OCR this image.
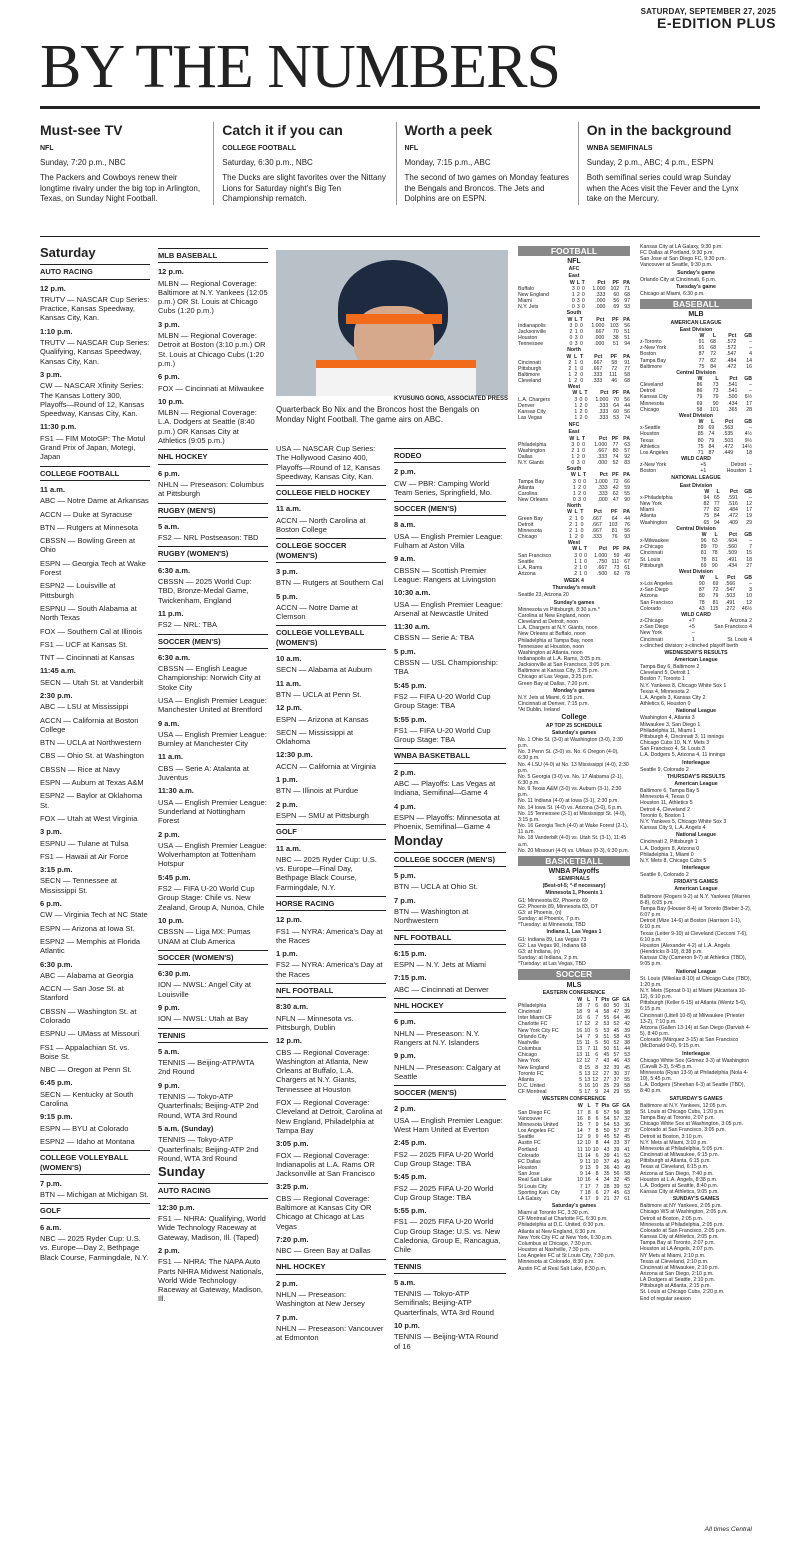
SATURDAY, SEPTEMBER 27, 2025
E-EDITION PLUS
BY THE NUMBERS
Must-see TV
NFL
Sunday, 7:20 p.m., NBC
The Packers and Cowboys renew their longtime rivalry under the big top in Arlington, Texas, on Sunday Night Football.
Catch it if you can
COLLEGE FOOTBALL
Saturday, 6:30 p.m., NBC
The Ducks are slight favorites over the Nittany Lions for Saturday night's Big Ten Championship rematch.
Worth a peek
NFL
Monday, 7:15 p.m., ABC
The second of two games on Monday features the Bengals and Broncos. The Jets and Dolphins are on ESPN.
On in the background
WNBA SEMIFINALS
Sunday, 2 p.m., ABC; 4 p.m., ESPN
Both semifinal series could wrap Sunday when the Aces visit the Fever and the Lynx take on the Mercury.
Saturday
AUTO RACING
12 p.m.
TRUTV — NASCAR Cup Series: Practice, Kansas Speedway, Kansas City, Kan.
1:10 p.m.
TRUTV — NASCAR Cup Series: Qualifying, Kansas Speedway, Kansas City, Kan.
3 p.m.
CW — NASCAR Xfinity Series: The Kansas Lottery 300, Playoffs—Round of 12, Kansas Speedway, Kansas City, Kan.
11:30 p.m.
FS1 — FIM MotoGP: The Motul Grand Prix of Japan, Motegi, Japan
COLLEGE FOOTBALL
11 a.m.
ABC — Notre Dame at Arkansas
ACCN — Duke at Syracuse
BTN — Rutgers at Minnesota
CBSSN — Bowling Green at Ohio
ESPN — Georgia Tech at Wake Forest
ESPN2 — Louisville at Pittsburgh
ESPNU — South Alabama at North Texas
FOX — Southern Cal at Illinois
FS1 — UCF at Kansas St.
TNT — Cincinnati at Kansas
11:45 a.m.
SECN — Utah St. at Vanderbilt
2:30 p.m.
ABC — LSU at Mississippi
ACCN — California at Boston College
BTN — UCLA at Northwestern
CBS — Ohio St. at Washington
CBSSN — Rice at Navy
ESPN — Auburn at Texas A&M
ESPN2 — Baylor at Oklahoma St.
FOX — Utah at West Virginia
3 p.m.
ESPNU — Tulane at Tulsa
FS1 — Hawaii at Air Force
3:15 p.m.
SECN — Tennessee at Mississippi St.
6 p.m.
CW — Virginia Tech at NC State
ESPN — Arizona at Iowa St.
ESPN2 — Memphis at Florida Atlantic
6:30 p.m.
ABC — Alabama at Georgia
ACCN — San Jose St. at Stanford
CBSSN — Washington St. at Colorado
ESPNU — UMass at Missouri
FS1 — Appalachian St. vs. Boise St.
NBC — Oregon at Penn St.
6:45 p.m.
SECN — Kentucky at South Carolina
9:15 p.m.
ESPN — BYU at Colorado
ESPN2 — Idaho at Montana
COLLEGE VOLLEYBALL (WOMEN'S)
7 p.m.
BTN — Michigan at Michigan St.
GOLF
6 a.m.
NBC — 2025 Ryder Cup: U.S. vs. Europe—Day 2, Bethpage Black Course, Farmingdale, N.Y.
MLB BASEBALL
12 p.m.
MLBN — Regional Coverage: Baltimore at N.Y. Yankees (12:05 p.m.) OR St. Louis at Chicago Cubs (1:20 p.m.)
3 p.m.
MLBN — Regional Coverage: Detroit at Boston (3:10 p.m.) OR St. Louis at Chicago Cubs (1:20 p.m.)
6 p.m.
FOX — Cincinnati at Milwaukee
10 p.m.
MLBN — Regional Coverage: L.A. Dodgers at Seattle (8:40 p.m.) OR Kansas City at Athletics (9:05 p.m.)
NHL HOCKEY
6 p.m.
NHLN — Preseason: Columbus at Pittsburgh
RUGBY (MEN'S)
5 a.m.
FS2 — NRL Postseason: TBD
RUGBY (WOMEN'S)
6:30 a.m.
CBSSN — 2025 World Cup: TBD, Bronze-Medal Game, Twickenham, England
11 p.m.
FS2 — NRL: TBA
SOCCER (MEN'S)
6:30 a.m.
CBSSN — English League Championship: Norwich City at Stoke City
USA — English Premier League: Manchester United at Brentford
9 a.m.
USA — English Premier League: Burnley at Manchester City
11 a.m.
CBS — Serie A: Atalanta at Juventus
11:30 a.m.
USA — English Premier League: Sunderland at Nottingham Forest
2 p.m.
USA — English Premier League: Wolverhampton at Tottenham Hotspur
5:45 p.m.
FS2 — FIFA U-20 World Cup Group Stage: Chile vs. New Zealand, Group A, Nunoa, Chile
10 p.m.
CBSSN — Liga MX: Pumas UNAM at Club America
SOCCER (WOMEN'S)
6:30 p.m.
ION — NWSL: Angel City at Louisville
9 p.m.
ION — NWSL: Utah at Bay
TENNIS
5 a.m.
TENNIS — Beijing-ATP/WTA 2nd Round
9 p.m.
TENNIS — Tokyo-ATP Quarterfinals; Beijing-ATP 2nd Round, WTA 3rd Round
5 a.m. (Sunday)
TENNIS — Tokyo-ATP Quarterfinals; Beijing-ATP 2nd Round, WTA 3rd Round
Sunday
AUTO RACING
12:30 p.m.
FS1 — NHRA: Qualifying, World Wide Technology Raceway at Gateway, Madison, Ill. (Taped)
2 p.m.
FS1 — NHRA: The NAPA Auto Parts NHRA Midwest Nationals, World Wide Technology Raceway at Gateway, Madison, Ill.
KYUSUNG GONG, ASSOCIATED PRESS
Quarterback Bo Nix and the Broncos host the Bengals on Monday Night Football. The game airs on ABC.
USA — NASCAR Cup Series: The Hollywood Casino 400, Playoffs—Round of 12, Kansas Speedway, Kansas City, Kan.
COLLEGE FIELD HOCKEY
11 a.m.
ACCN — North Carolina at Boston College
COLLEGE SOCCER (WOMEN'S)
3 p.m.
BTN — Rutgers at Southern Cal
5 p.m.
ACCN — Notre Dame at Clemson
COLLEGE VOLLEYBALL (WOMEN'S)
10 a.m.
SECN — Alabama at Auburn
11 a.m.
BTN — UCLA at Penn St.
12 p.m.
ESPN — Arizona at Kansas
SECN — Mississippi at Oklahoma
12:30 p.m.
ACCN — California at Virginia
1 p.m.
BTN — Illinois at Purdue
2 p.m.
ESPN — SMU at Pittsburgh
GOLF
11 a.m.
NBC — 2025 Ryder Cup: U.S. vs. Europe—Final Day, Bethpage Black Course, Farmingdale, N.Y.
HORSE RACING
12 p.m.
FS1 — NYRA: America's Day at the Races
1 p.m.
FS2 — NYRA: America's Day at the Races
NFL FOOTBALL
8:30 a.m.
NFLN — Minnesota vs. Pittsburgh, Dublin
12 p.m.
CBS — Regional Coverage: Washington at Atlanta, New Orleans at Buffalo, L.A. Chargers at N.Y. Giants, Tennessee at Houston
FOX — Regional Coverage: Cleveland at Detroit, Carolina at New England, Philadelphia at Tampa Bay
3:05 p.m.
FOX — Regional Coverage: Indianapolis at L.A. Rams OR Jacksonville at San Francisco
3:25 p.m.
CBS — Regional Coverage: Baltimore at Kansas City OR Chicago at Chicago at Las Vegas
7:20 p.m.
NBC — Green Bay at Dallas
NHL HOCKEY
2 p.m.
NHLN — Preseason: Washington at New Jersey
7 p.m.
NHLN — Preseason: Vancouver at Edmonton
RODEO
2 p.m.
CW — PBR: Camping World Team Series, Springfield, Mo.
SOCCER (MEN'S)
8 a.m.
USA — English Premier League: Fulham at Aston Villa
9 a.m.
CBSSN — Scottish Premier League: Rangers at Livingston
10:30 a.m.
USA — English Premier League: Arsenal at Newcastle United
11:30 a.m.
CBSSN — Serie A: TBA
5 p.m.
CBSSN — USL Championship: TBA
5:45 p.m.
FS2 — FIFA U-20 World Cup Group Stage: TBA
5:55 p.m.
FS1 — FIFA U-20 World Cup Group Stage: TBA
WNBA BASKETBALL
2 p.m.
ABC — Playoffs: Las Vegas at Indiana, Semifinal—Game 4
4 p.m.
ESPN — Playoffs: Minnesota at Phoenix, Semifinal—Game 4
Monday
COLLEGE SOCCER (MEN'S)
5 p.m.
BTN — UCLA at Ohio St.
7 p.m.
BTN — Washington at Northwestern
NFL FOOTBALL
6:15 p.m.
ESPN — N.Y. Jets at Miami
7:15 p.m.
ABC — Cincinnati at Denver
NHL HOCKEY
6 p.m.
NHLN — Preseason: N.Y. Rangers at N.Y. Islanders
9 p.m.
NHLN — Preseason: Calgary at Seattle
SOCCER (MEN'S)
2 p.m.
USA — English Premier League: West Ham United at Everton
2:45 p.m.
FS2 — 2025 FIFA U-20 World Cup Group Stage: TBA
5:45 p.m.
FS2 — 2025 FIFA U-20 World Cup Group Stage: TBA
5:55 p.m.
FS1 — 2025 FIFA U-20 World Cup Group Stage: U.S. vs. New Caledonia, Group E, Rancagua, Chile
TENNIS
5 a.m.
TENNIS — Tokyo-ATP Semifinals; Beijing-ATP Quarterfinals, WTA 3rd Round
10 p.m.
TENNIS — Beijing-WTA Round of 16
FOOTBALL
NFL
AFC
East
	W	L	T	Pct	PF	PA
Buffalo	3	0	0	1.000	102	71
New England	1	2	0	.333	60	68
Miami	0	3	0	.000	56	97
N.Y. Jets	0	3	0	.000	69	93
South
	W	L	T	Pct	PF	PA
Indianapolis	3	0	0	1.000	103	56
Jacksonville	2	1	0	.667	70	51
Houston	0	3	0	.000	38	51
Tennessee	0	3	0	.000	51	94
North
	W	L	T	Pct	PF	PA
Cincinnati	2	1	0	.667	58	91
Pittsburgh	2	1	0	.667	72	77
Baltimore	1	2	0	.333	111	58
Cleveland	1	2	0	.333	46	68
West
	W	L	T	Pct	PF	PA
L.A. Chargers	3	0	0	1.000	70	56
Denver	1	2	0	.333	64	44
Kansas City	1	2	0	.333	60	56
Las Vegas	1	2	0	.333	53	74
NFC
East
	W	L	T	Pct	PF	PA
Philadelphia	3	0	0	1.000	77	63
Washington	2	1	0	.667	80	57
Dallas	1	2	0	.333	74	92
N.Y. Giants	0	3	0	.000	52	83
South
	W	L	T	Pct	PF	PA
Tampa Bay	3	0	0	1.000	72	66
Atlanta	1	2	0	.333	42	59
Carolina	1	2	0	.333	62	55
New Orleans	0	3	0	.000	47	90
North
	W	L	T	Pct	PF	PA
Green Bay	2	1	0	.667	64	44
Detroit	2	1	0	.667	103	76
Minnesota	2	1	0	.667	81	56
Chicago	1	2	0	.333	76	93
West
	W	L	T	Pct	PF	PA
San Francisco	3	0	0	1.000	59	49
Seattle	1	1	0	.750	111	67
L.A. Rams	2	1	0	.667	73	61
Arizona	2	1	0	.500	62	78
WEEK 4
Thursday's result
Seattle 23, Arizona 20
Sunday's games
Minnesota vs Pittsburgh, 8:30 a.m.*
Carolina at New England, noon
Cleveland at Detroit, noon
L.A. Chargers at N.Y. Giants, noon
New Orleans at Buffalo, noon
Philadelphia at Tampa Bay, noon
Tennessee at Houston, noon
Washington at Atlanta, noon
Indianapolis at L.A. Rams, 3:05 p.m.
Jacksonville at San Francisco, 3:05 p.m.
Baltimore at Kansas City, 3:25 p.m.
Chicago at Las Vegas, 3:25 p.m.
Green Bay at Dallas, 7:20 p.m.
Monday's games
N.Y. Jets at Miami, 6:15 p.m.
Cincinnati at Denver, 7:15 p.m.
*At Dublin, Ireland
College
AP TOP 25 SCHEDULE
Saturday's games
No. 1 Ohio St. (3-0) at Washington (3-0), 2:30 p.m.
No. 3 Penn St. (3-0) vs. No. 6 Oregon (4-0), 6:30 p.m.
No. 4 LSU (4-0) at No. 13 Mississippi (4-0), 2:30 p.m.
No. 5 Georgia (3-0) vs. No. 17 Alabama (2-1), 6:30 p.m.
No. 9 Texas A&M (3-0) vs. Auburn (3-1), 2:30 p.m.
No. 11 Indiana (4-0) at Iowa (3-1), 2:30 p.m.
No. 14 Iowa St. (4-0) vs. Arizona (3-0), 6 p.m.
No. 15 Tennessee (3-1) at Mississippi St. (4-0), 3:15 p.m.
No. 16 Georgia Tech (4-0) at Wake Forest (2-1), 11 a.m.
No. 18 Vanderbilt (4-0) vs. Utah St. (3-1), 11:45 a.m.
No. 20 Missouri (4-0) vs. UMass (0-3), 6:30 p.m.
BASKETBALL
WNBA Playoffs
SEMIFINALS
(Best-of-5; *-if necessary)
Minnesota 1, Phoenix 1
G1: Minnesota 82, Phoenix 69
G2: Phoenix 89, Minnesota 83, OT
G3: at Phoenix, (n)
Sunday: at Phoenix, 7 p.m.
*Tuesday: at Minnesota, TBD
Indiana 1, Las Vegas 1
G1: Indiana 89, Las Vegas 73
G2: Las Vegas 90, Indiana 68
G3: at Indiana, (n)
Sunday: at Indiana, 2 p.m.
*Tuesday: at Las Vegas, TBD
SOCCER
MLS
EASTERN CONFERENCE
	W	L	T	Pts	GF	GA
Philadelphia	18	7	6	60	50	31
Cincinnati	18	9	4	58	47	39
Inter Miami CF	16	6	7	55	64	46
Charlotte FC	17	12	2	53	52	42
New York City FC	16	10	5	53	45	39
Orlando City	14	7	9	51	58	43
Nashville	15	11	5	50	52	38
Columbus	13	7	11	50	51	44
Chicago	13	11	6	45	57	53
New York	12	12	7	43	46	43
New England	8	15	8	32	39	45
Toronto FC	5	13	12	27	30	37
Atlanta	5	13	12	27	37	55
D.C. United	5	16	10	25	29	58
CF Montreal	5	17	9	24	29	55
WESTERN CONFERENCE
	W	L	T	Pts	GF	GA
San Diego FC	17	8	6	57	56	38
Vancouver	16	8	6	54	57	32
Minnesota United	15	7	9	54	53	36
Los Angeles FC	14	7	8	50	57	37
Seattle	12	9	9	45	52	45
Austin FC	12	10	8	44	33	37
Portland	11	10	10	43	39	41
Colorado	11	14	6	39	41	52
FC Dallas	9	11	10	37	45	49
Houston	9	13	9	36	40	49
San Jose	9	14	8	35	56	58
Real Salt Lake	10	16	4	34	32	45
St Louis City	7	17	7	28	39	52
Sporting Kan. City	7	18	6	27	45	63
LA Galaxy	4	17	9	21	37	61
Saturday's games
Miami at Toronto FC, 3:30 p.m.
CF Montreal at Charlotte FC, 6:30 p.m.
Philadelphia at D.C. United, 6:30 p.m.
Atlanta at New England, 6:30 p.m.
New York City FC at New York, 6:30 p.m.
Columbus at Chicago, 7:30 p.m.
Houston at Nashville, 7:30 p.m.
Los Angeles FC at St Louis City, 7:30 p.m.
Minnesota at Colorado, 8:30 p.m.
Austin FC at Real Salt Lake, 8:30 p.m.
Kansas City at LA Galaxy, 9:30 p.m.
FC Dallas at Portland, 9:30 p.m.
San Jose at San Diego FC, 9:30 p.m.
Vancouver at Seattle, 9:30 p.m.
Sunday's game
Orlando City at Cincinnati, 6 p.m.
Tuesday's game
Chicago at Miami, 6:30 p.m.
BASEBALL
MLB
AMERICAN LEAGUE
East Division
	W	L	Pct	GB
z-Toronto	91	68	.572	–
z-New York	91	68	.572	–
Boston	87	72	.547	4
Tampa Bay	77	82	.484	14
Baltimore	75	84	.472	16
Central Division
	W	L	Pct	GB
Cleveland	86	73	.541	–
Detroit	86	73	.541	–
Kansas City	79	79	.500	6½
Minnesota	69	90	.434	17
Chicago	58	101	.365	28
West Division
	W	L	Pct	GB
x-Seattle	89	69	.563	–
Houston	85	74	.535	4½
Texas	80	79	.503	9½
Athletics	75	84	.472	14½
Los Angeles	71	87	.449	18
WILD CARD

z-New York	+5	Detroit		–
Boston	+1	Houston		1
NATIONAL LEAGUE
East Division
	W	L	Pct	GB
x-Philadelphia	94	65	.591	–
New York	82	77	.516	12
Miami	77	82	.484	17
Atlanta	75	84	.472	19
Washington	65	94	.409	29
Central Division
	W	L	Pct	GB
x-Milwaukee	96	63	.604	–
z-Chicago	89	70	.560	7
Cincinnati	81	78	.509	15
St. Louis	78	81	.491	18
Pittsburgh	69	90	.434	27
West Division
	W	L	Pct	GB
x-Los Angeles	90	69	.566	–
z-San Diego	87	72	.547	3
Arizona	80	79	.503	10
San Francisco	78	81	.491	12
Colorado	43	115	.272	46½
WILD CARD

z-Chicago	+7	Arizona		2
z-San Diego	+5	San Francisco		4
New York	–			
Cincinnati	1	St. Louis		4
x-clinched division; z-clinched playoff berth
WEDNESDAY'S RESULTS
American League
Tampa Bay 6, Baltimore 2
Cleveland 5, Detroit 1
Boston 7, Toronto 1
N.Y. Yankees 8, Chicago White Sox 1
Texas 4, Minnesota 2
L.A. Angels 3, Kansas City 2
Athletics 6, Houston 0
National League
Washington 4, Atlanta 3
Milwaukee 3, San Diego 1
Philadelphia 11, Miami 1
Pittsburgh 4, Cincinnati 3, 11 innings
Chicago Cubs 10, N.Y. Mets 3
San Francisco 4, St. Louis 3
L.A. Dodgers 5, Arizona 4, 11 innings
Interleague
Seattle 9, Colorado 2
THURSDAY'S RESULTS
American League
Baltimore 6, Tampa Bay 5
Minnesota 4, Texas 0
Houston 11, Athletics 5
Detroit 4, Cleveland 2
Toronto 6, Boston 1
N.Y. Yankees 5, Chicago White Sox 3
Kansas City 9, L.A. Angels 4
National League
Cincinnati 2, Pittsburgh 1
L.A. Dodgers 8, Arizona 0
Philadelphia 1, Miami 0
N.Y. Mets 8, Chicago Cubs 5
Interleague
Seattle 6, Colorado 2
FRIDAY'S GAMES
American League
Baltimore (Rogers 9-2) at N.Y. Yankees (Warren 8-8), 6:05 p.m.
Tampa Bay (Houser 8-4) at Toronto (Bieber 3-2), 6:07 p.m.
Detroit (Mize 14-6) at Boston (Harrison 1-1), 6:10 p.m.
Texas (Leiter 9-10) at Cleveland (Cecconi 7-6), 6:10 p.m.
Houston (Alexander 4-2) at L.A. Angels (Hendricks 8-10), 8:38 p.m.
Kansas City (Cameron 9-7) at Athletics (TBD), 9:05 p.m.
National League
St. Louis (Mikolas 8-10) at Chicago Cubs (TBD), 1:20 p.m.
N.Y. Mets (Sproat 0-1) at Miami (Alcantara 10-12), 6:10 p.m.
Pittsburgh (Keller 6-15) at Atlanta (Wentz 5-6), 6:15 p.m.
Cincinnati (Littell 10-8) at Milwaukee (Priester 13-2), 7:10 p.m.
Arizona (Gallen 13-14) at San Diego (Darvish 4-5), 8:40 p.m.
Colorado (Márquez 3-15) at San Francisco (McDonald 0-0), 9:15 p.m.
Interleague
Chicago White Sox (Gómez 3-3) at Washington (Cavalli 3-3), 5:45 p.m.
Minnesota (Ryan 13-9) at Philadelphia (Nola 4-10), 5:45 p.m.
L.A. Dodgers (Sheehan 6-3) at Seattle (TBD), 8:40 p.m.
SATURDAY'S GAMES
Baltimore at N.Y. Yankees, 12:05 p.m.
St. Louis at Chicago Cubs, 1:20 p.m.
Tampa Bay at Toronto, 2:07 p.m.
Chicago White Sox at Washington, 3:05 p.m.
Colorado at San Francisco, 3:05 p.m.
Detroit at Boston, 3:10 p.m.
N.Y. Mets at Miami, 3:10 p.m.
Minnesota at Philadelphia, 5:05 p.m.
Cincinnati at Milwaukee, 6:15 p.m.
Pittsburgh at Atlanta, 6:15 p.m.
Texas at Cleveland, 6:15 p.m.
Arizona at San Diego, 7:40 p.m.
Houston at L.A. Angels, 8:38 p.m.
L.A. Dodgers at Seattle, 8:40 p.m.
Kansas City at Athletics, 9:05 p.m.
SUNDAY'S GAMES
Baltimore at NY Yankees, 2:05 p.m.
Chicago WS at Washington, 2:05 p.m.
Detroit at Boston, 2:05 p.m.
Minnesota at Philadelphia, 2:05 p.m.
Colorado at San Francisco, 2:05 p.m.
Kansas City at Athletics, 2:05 p.m.
Tampa Bay at Toronto, 2:07 p.m.
Houston at LA Angels, 2:07 p.m.
NY Mets at Miami, 2:10 p.m.
Texas at Cleveland, 2:10 p.m.
Cincinnati at Milwaukee, 2:10 p.m.
Arizona at San Diego, 2:10 p.m.
LA Dodgers at Seattle, 2:10 p.m.
Pittsburgh at Atlanta, 2:15 p.m.
St. Louis at Chicago Cubs, 2:20 p.m.
End of regular season
All times Central
